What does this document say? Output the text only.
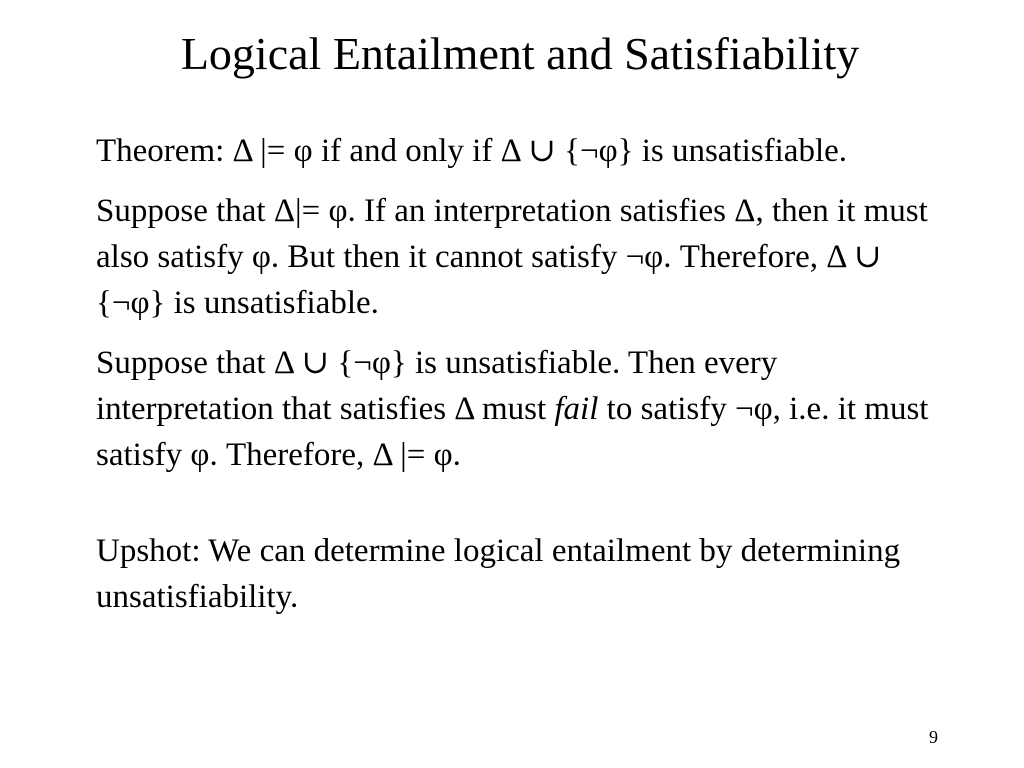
Logical Entailment and Satisfiability

Theorem: Δ |= φ if and only if Δ ∪ {¬φ} is unsatisfiable.

Suppose that Δ|= φ. If an interpretation satisfies Δ, then it must also satisfy φ. But then it cannot satisfy ¬φ. Therefore, Δ ∪ {¬φ} is unsatisfiable.

Suppose that Δ ∪ {¬φ} is unsatisfiable. Then every interpretation that satisfies Δ must fail to satisfy ¬φ, i.e. it must satisfy φ. Therefore, Δ |= φ.

Upshot: We can determine logical entailment by determining unsatisfiability.

9
